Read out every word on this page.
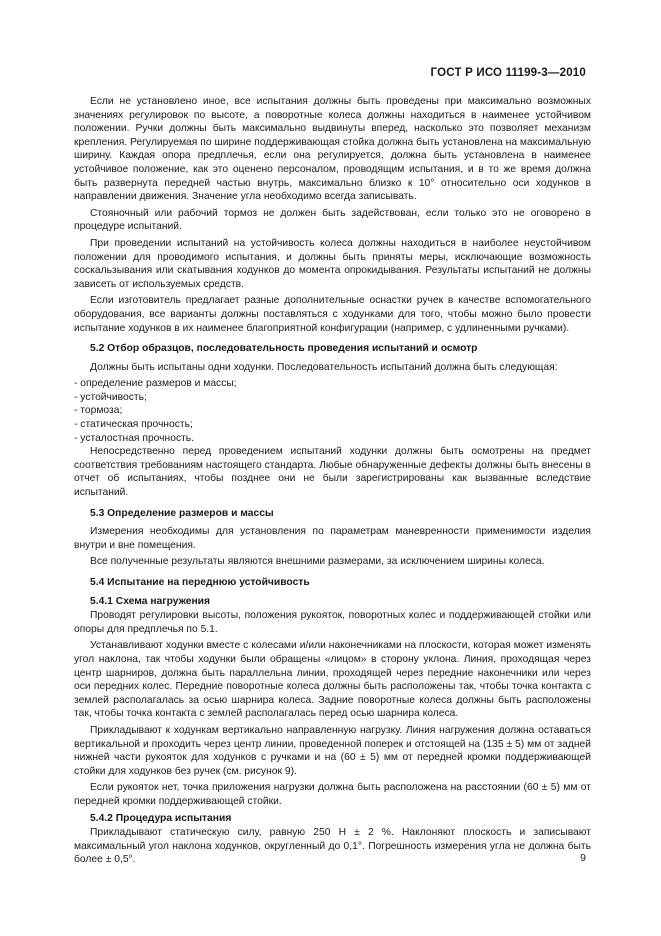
ГОСТ Р ИСО 11199-3—2010

Если не установлено иное, все испытания должны быть проведены при максимально возможных значениях регулировок по высоте, а поворотные колеса должны находиться в наименее устойчивом положении. Ручки должны быть максимально выдвинуты вперед, насколько это позволяет механизм крепления. Регулируемая по ширине поддерживающая стойка должна быть установлена на максимальную ширину. Каждая опора предплечья, если она регулируется, должна быть установлена в наименее устойчивое положение, как это оценено персоналом, проводящим испытания, и в то же время должна быть развернута передней частью внутрь, максимально близко к 10° относительно оси ходунков в направлении движения. Значение угла необходимо всегда записывать.

Стояночный или рабочий тормоз не должен быть задействован, если только это не оговорено в процедуре испытаний.

При проведении испытаний на устойчивость колеса должны находиться в наиболее неустойчивом положении для проводимого испытания, и должны быть приняты меры, исключающие возможность соскальзывания или скатывания ходунков до момента опрокидывания. Результаты испытаний не должны зависеть от используемых средств.

Если изготовитель предлагает разные дополнительные оснастки ручек в качестве вспомогательного оборудования, все варианты должны поставляться с ходунками для того, чтобы можно было провести испытание ходунков в их наименее благоприятной конфигурации (например, с удлиненными ручками).

5.2 Отбор образцов, последовательность проведения испытаний и осмотр

Должны быть испытаны одни ходунки. Последовательность испытаний должна быть следующая:

- определение размеров и массы;

- устойчивость;

- тормоза;

- статическая прочность;

- усталостная прочность.

Непосредственно перед проведением испытаний ходунки должны быть осмотрены на предмет соответствия требованиям настоящего стандарта. Любые обнаруженные дефекты должны быть внесены в отчет об испытаниях, чтобы позднее они не были зарегистрированы как вызванные вследствие испытаний.

5.3 Определение размеров и массы

Измерения необходимы для установления по параметрам маневренности применимости изделия внутри и вне помещения.

Все полученные результаты являются внешними размерами, за исключением ширины колеса.

5.4 Испытание на переднюю устойчивость

5.4.1 Схема нагружения

Проводят регулировки высоты, положения рукояток, поворотных колес и поддерживающей стойки или опоры для предплечья по 5.1.

Устанавливают ходунки вместе с колесами и/или наконечниками на плоскости, которая может изменять угол наклона, так чтобы ходунки были обращены «лицом» в сторону уклона. Линия, проходящая через центр шарниров, должна быть параллельна линии, проходящей через передние наконечники или через оси передних колес. Передние поворотные колеса должны быть расположены так, чтобы точка контакта с землей располагалась за осью шарнира колеса. Задние поворотные колеса должны быть расположены так, чтобы точка контакта с землей располагалась перед осью шарнира колеса.

Прикладывают к ходункам вертикально направленную нагрузку. Линия нагружения должна оставаться вертикальной и проходить через центр линии, проведенной поперек и отстоящей на (135 ± 5) мм от задней нижней части рукояток для ходунков с ручками и на (60 ± 5) мм от передней кромки поддерживающей стойки для ходунков без ручек (см. рисунок 9).

Если рукояток нет, точка приложения нагрузки должна быть расположена на расстоянии (60 ± 5) мм от передней кромки поддерживающей стойки.

5.4.2 Процедура испытания

Прикладывают статическую силу, равную 250 Н ± 2 %. Наклоняют плоскость и записывают максимальный угол наклона ходунков, округленный до 0,1°. Погрешность измерения угла не должна быть более ± 0,5°.	9
